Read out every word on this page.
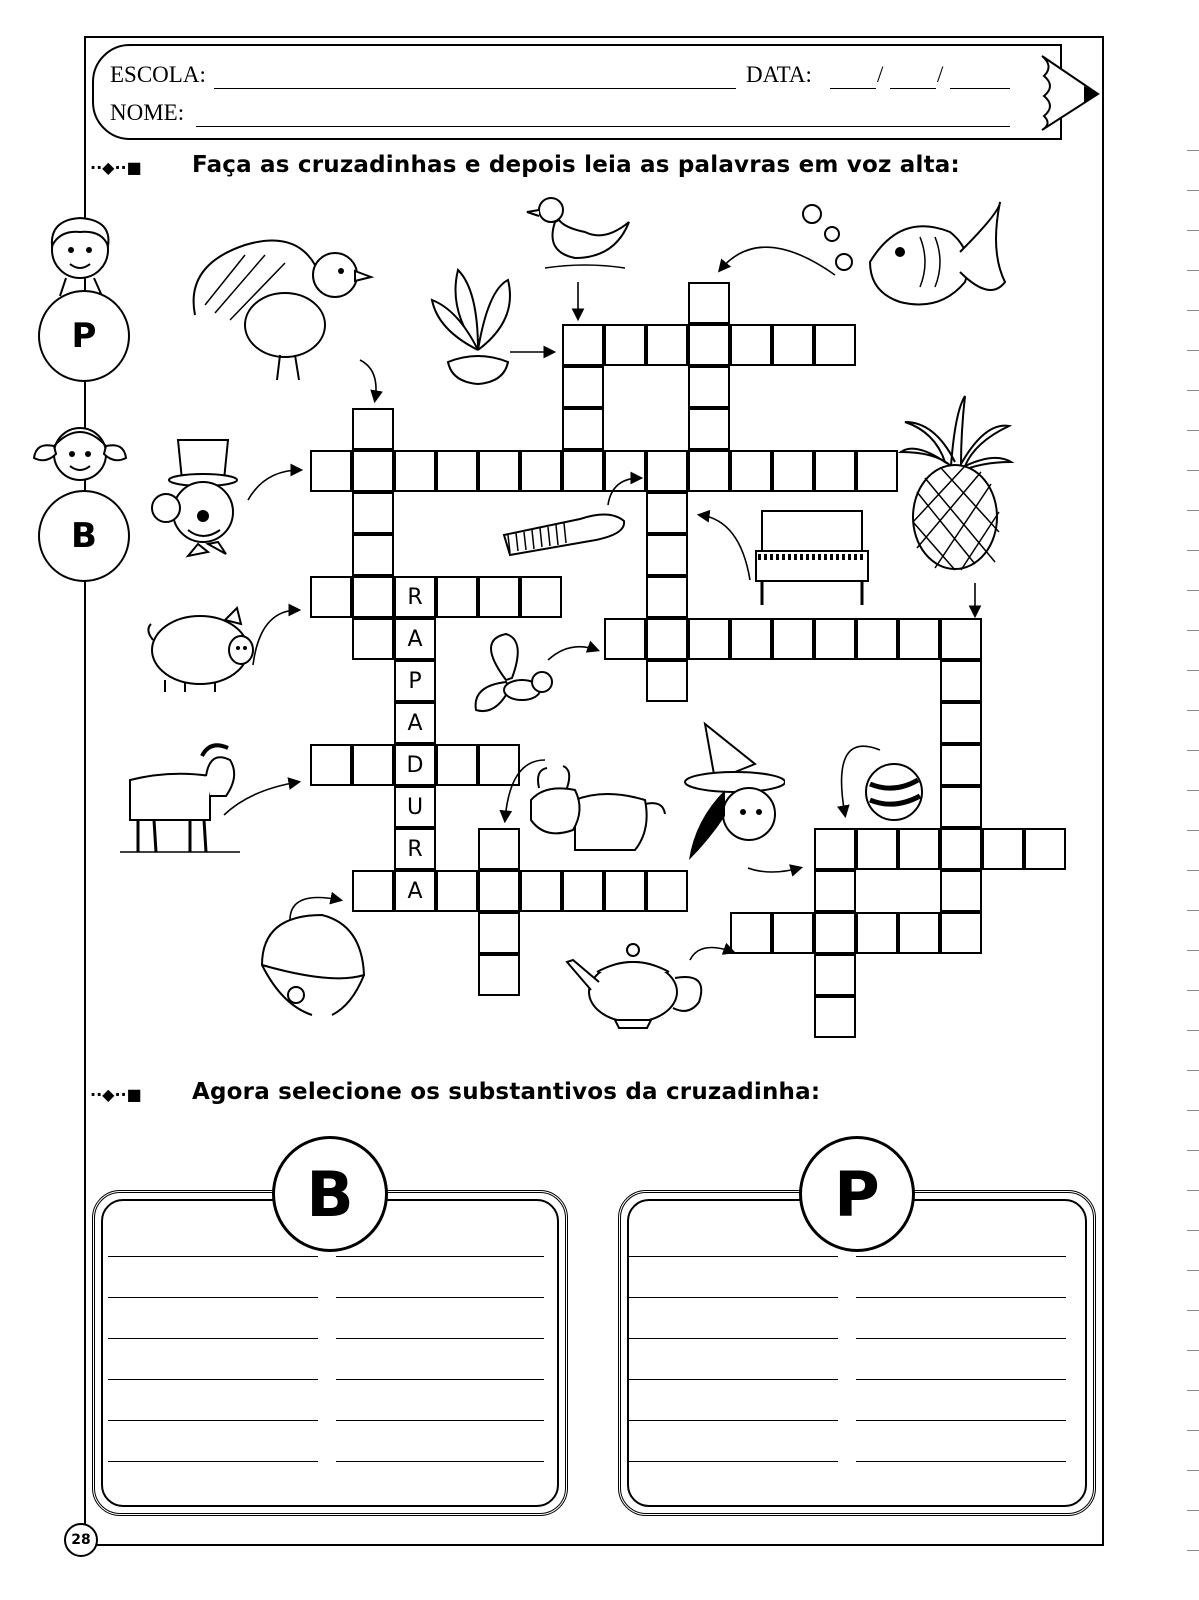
ESCOLA:	DATA:	/ /
NOME:
⋅⋅◆⋅⋅■ Faça as cruzadinhas e depois leia as palavras em voz alta:
P
B
R
A
P
A
D
U
R
A
⋅⋅◆⋅⋅■ Agora selecione os substantivos da cruzadinha:
B	P
28
